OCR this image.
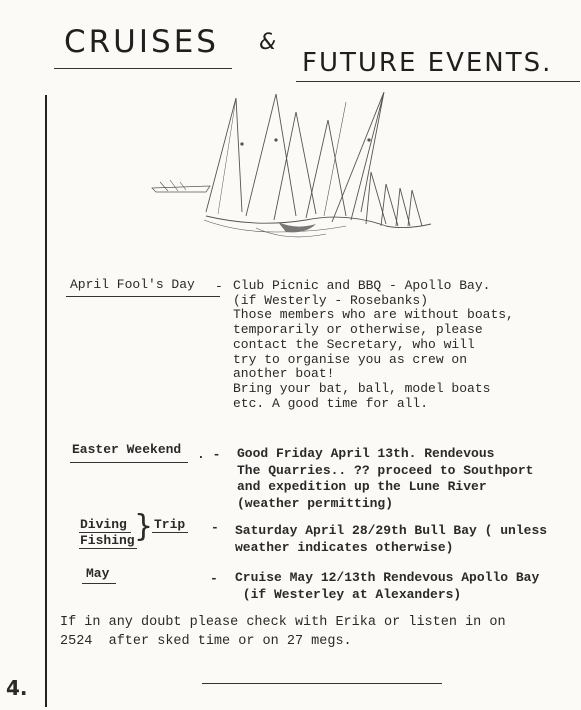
CRUISES &
FUTURE EVENTS.
4.
April Fool's Day - Club Picnic and BBQ - Apollo Bay.
(if Westerly - Rosebanks)
Those members who are without boats,
temporarily or otherwise, please
contact the Secretary, who will
try to organise you as crew on
another boat!
Bring your bat, ball, model boats
etc. A good time for all.
Easter Weekend . - Good Friday April 13th. Rendevous
The Quarries.. ?? proceed to Southport
and expedition up the Lune River
(weather permitting)
Diving
Fishing } Trip - Saturday April 28/29th Bull Bay ( unless
weather indicates otherwise)
May	- Cruise May 12/13th Rendevous Apollo Bay
(if Westerley at Alexanders)
If in any doubt please check with Erika or listen in on
2524  after sked time or on 27 megs.
